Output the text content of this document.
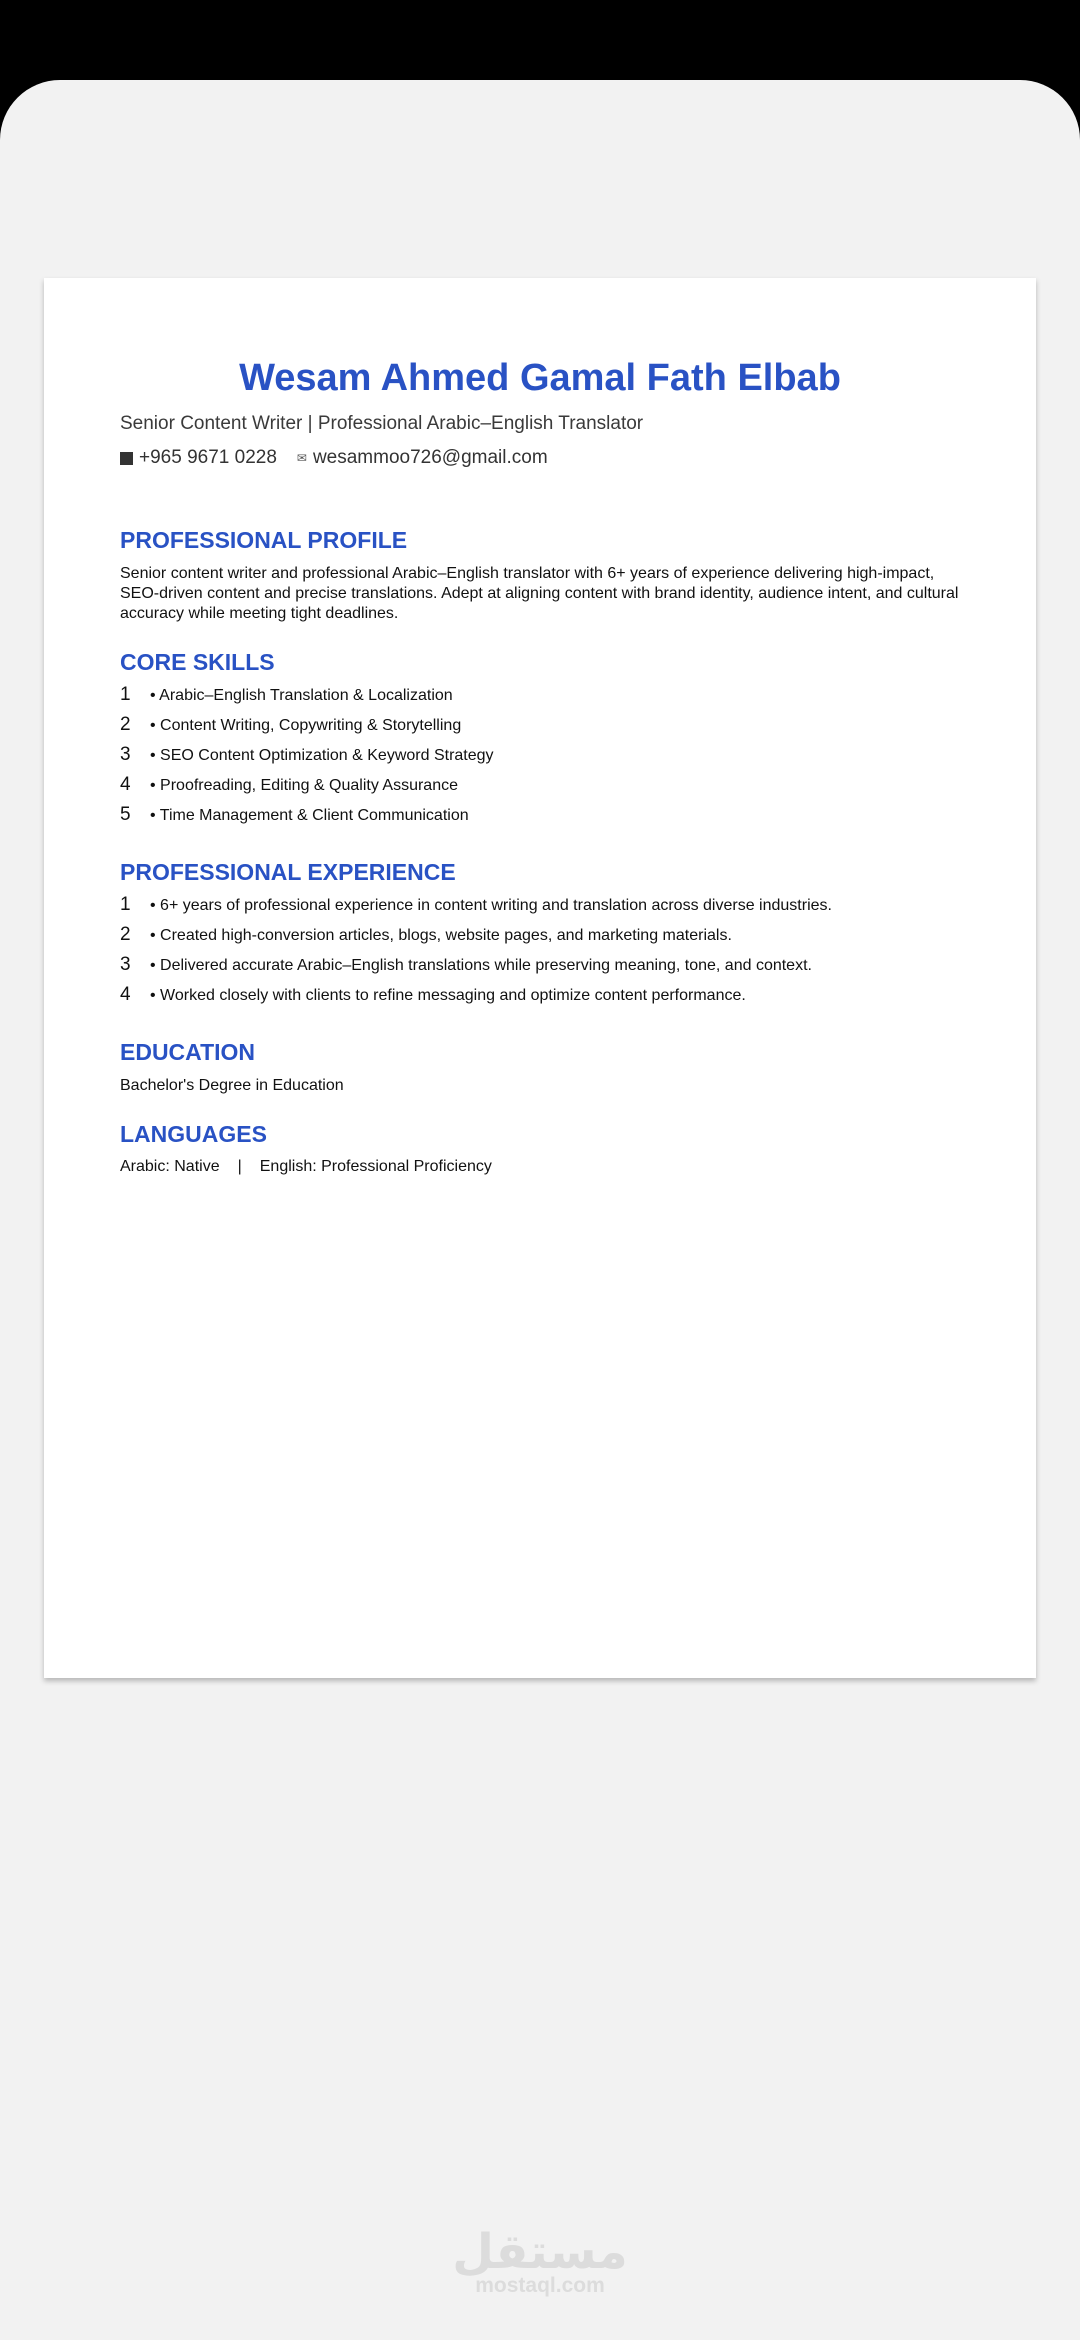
Wesam Ahmed Gamal Fath Elbab
Senior Content Writer | Professional Arabic–English Translator
+965 9671 0228 ✉ wesammoo726@gmail.com
PROFESSIONAL PROFILE
Senior content writer and professional Arabic–English translator with 6+ years of experience delivering high-impact, SEO-driven content and precise translations. Adept at aligning content with brand identity, audience intent, and cultural accuracy while meeting tight deadlines.
CORE SKILLS
1	• Arabic–English Translation & Localization
2	• Content Writing, Copywriting & Storytelling
3	• SEO Content Optimization & Keyword Strategy
4	• Proofreading, Editing & Quality Assurance
5	• Time Management & Client Communication
PROFESSIONAL EXPERIENCE
1	• 6+ years of professional experience in content writing and translation across diverse industries.
2	• Created high-conversion articles, blogs, website pages, and marketing materials.
3	• Delivered accurate Arabic–English translations while preserving meaning, tone, and context.
4	• Worked closely with clients to refine messaging and optimize content performance.
EDUCATION
Bachelor's Degree in Education
LANGUAGES
Arabic: Native | English: Professional Proficiency
مستقل
mostaql.com
